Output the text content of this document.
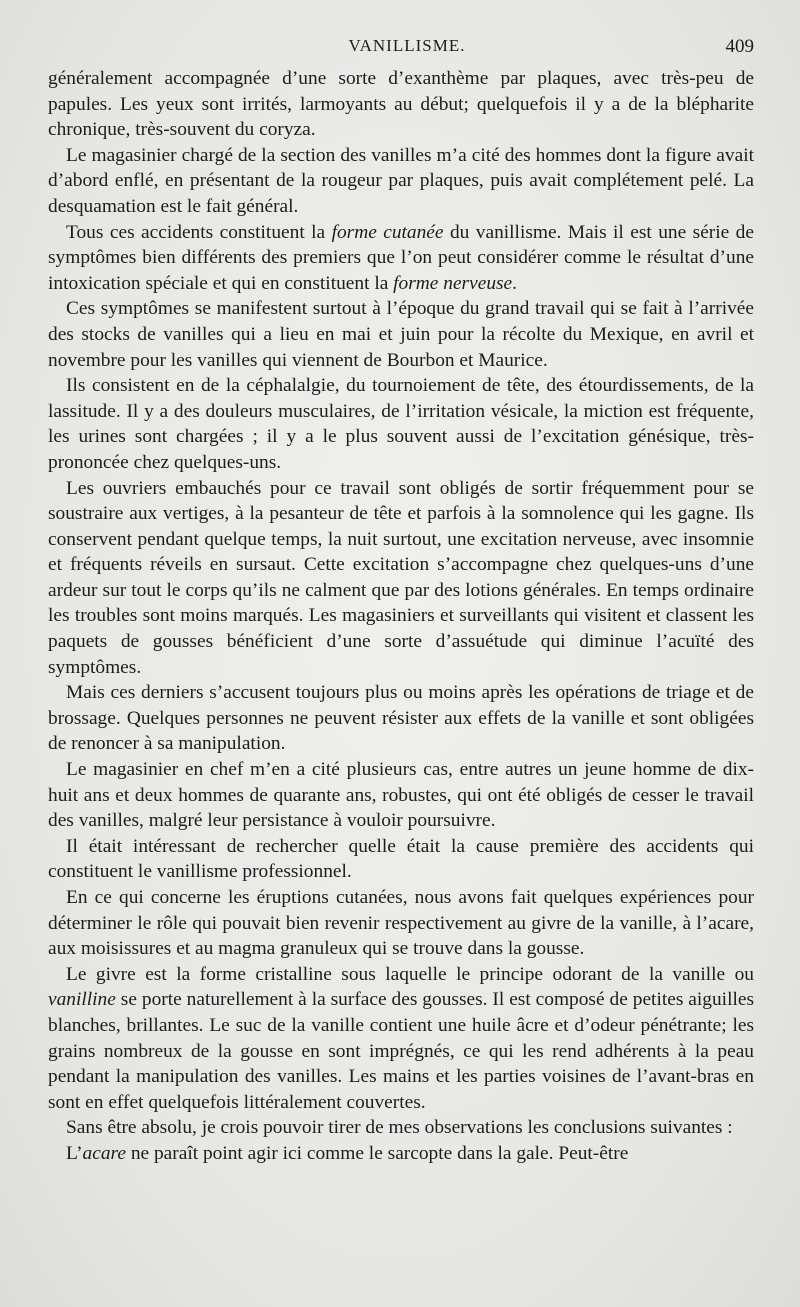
VANILLISME.	409

généralement accompagnée d’une sorte d’exanthème par plaques, avec très-peu de papules. Les yeux sont irrités, larmoyants au début; quelquefois il y a de la blépharite chronique, très-souvent du coryza.

Le magasinier chargé de la section des vanilles m’a cité des hommes dont la figure avait d’abord enflé, en présentant de la rougeur par plaques, puis avait complétement pelé. La desquamation est le fait général.

Tous ces accidents constituent la forme cutanée du vanillisme. Mais il est une série de symptômes bien différents des premiers que l’on peut considérer comme le résultat d’une intoxication spéciale et qui en constituent la forme nerveuse.

Ces symptômes se manifestent surtout à l’époque du grand travail qui se fait à l’arrivée des stocks de vanilles qui a lieu en mai et juin pour la récolte du Mexique, en avril et novembre pour les vanilles qui viennent de Bourbon et Maurice.

Ils consistent en de la céphalalgie, du tournoiement de tête, des étourdissements, de la lassitude. Il y a des douleurs musculaires, de l’irritation vésicale, la miction est fréquente, les urines sont chargées ; il y a le plus souvent aussi de l’excitation génésique, très-prononcée chez quelques-uns.

Les ouvriers embauchés pour ce travail sont obligés de sortir fréquemment pour se soustraire aux vertiges, à la pesanteur de tête et parfois à la somnolence qui les gagne. Ils conservent pendant quelque temps, la nuit surtout, une excitation nerveuse, avec insomnie et fréquents réveils en sursaut. Cette excitation s’accompagne chez quelques-uns d’une ardeur sur tout le corps qu’ils ne calment que par des lotions générales. En temps ordinaire les troubles sont moins marqués. Les magasiniers et surveillants qui visitent et classent les paquets de gousses bénéficient d’une sorte d’assuétude qui diminue l’acuïté des symptômes.

Mais ces derniers s’accusent toujours plus ou moins après les opérations de triage et de brossage. Quelques personnes ne peuvent résister aux effets de la vanille et sont obligées de renoncer à sa manipulation.

Le magasinier en chef m’en a cité plusieurs cas, entre autres un jeune homme de dix-huit ans et deux hommes de quarante ans, robustes, qui ont été obligés de cesser le travail des vanilles, malgré leur persistance à vouloir poursuivre.

Il était intéressant de rechercher quelle était la cause première des accidents qui constituent le vanillisme professionnel.

En ce qui concerne les éruptions cutanées, nous avons fait quelques expériences pour déterminer le rôle qui pouvait bien revenir respectivement au givre de la vanille, à l’acare, aux moisissures et au magma granuleux qui se trouve dans la gousse.

Le givre est la forme cristalline sous laquelle le principe odorant de la vanille ou vanilline se porte naturellement à la surface des gousses. Il est composé de petites aiguilles blanches, brillantes. Le suc de la vanille contient une huile âcre et d’odeur pénétrante; les grains nombreux de la gousse en sont imprégnés, ce qui les rend adhérents à la peau pendant la manipulation des vanilles. Les mains et les parties voisines de l’avant-bras en sont en effet quelquefois littéralement couvertes.

Sans être absolu, je crois pouvoir tirer de mes observations les conclusions suivantes :

L’acare ne paraît point agir ici comme le sarcopte dans la gale. Peut-être
